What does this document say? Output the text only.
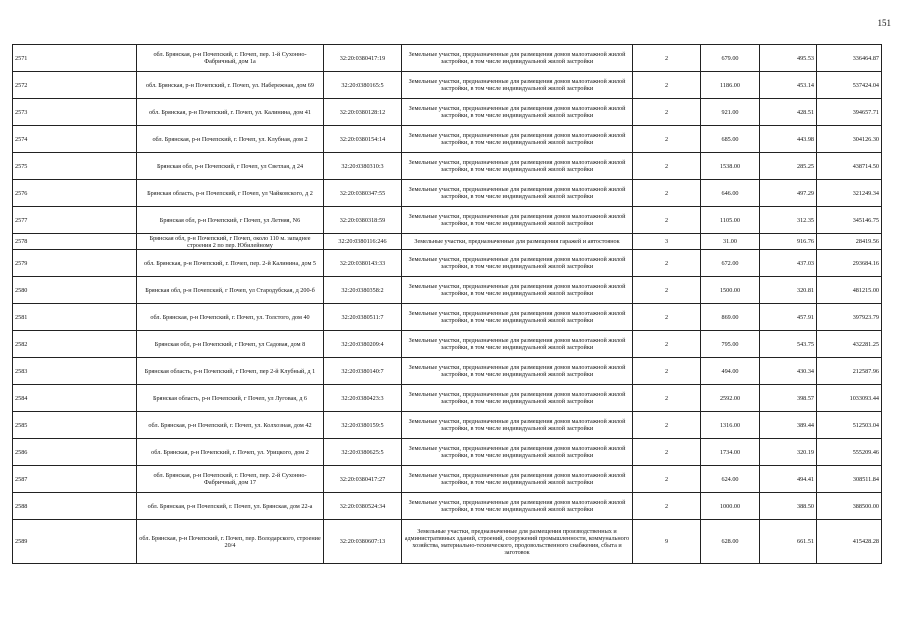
151
2571	обл. Брянская, р-н Почепский, г. Почеп, пер. 1-й Сухонно-Фабричный, дом 1а	32:20:0380417:19	Земельные участки, предназначенные для размещения домов малоэтажной жилой застройки, в том числе индивидуальной жилой застройки	2	679.00	495.53	336464.87
2572	обл. Брянская, р-н Почепский, г. Почеп, ул. Набережная, дом 69	32:20:0380165:5	Земельные участки, предназначенные для размещения домов малоэтажной жилой застройки, в том числе индивидуальной жилой застройки	2	1186.00	453.14	537424.04
2573	обл. Брянская, р-н Почепский, г. Почеп, ул. Калинина, дом 41	32:20:0380128:12	Земельные участки, предназначенные для размещения домов малоэтажной жилой застройки, в том числе индивидуальной жилой застройки	2	921.00	428.51	394657.71
2574	обл. Брянская, р-н Почепский, г. Почеп, ул. Клубная, дом 2	32:20:0380154:14	Земельные участки, предназначенные для размещения домов малоэтажной жилой застройки, в том числе индивидуальной жилой застройки	2	685.00	443.98	304126.30
2575	Брянская обл, р-н Почепский, г Почеп, ул Светлая, д 24	32:20:0380310:3	Земельные участки, предназначенные для размещения домов малоэтажной жилой застройки, в том числе индивидуальной жилой застройки	2	1538.00	285.25	438714.50
2576	Брянская область, р-н Почепский, г Почеп, ул Чайковского, д 2	32:20:0380347:55	Земельные участки, предназначенные для размещения домов малоэтажной жилой застройки, в том числе индивидуальной жилой застройки	2	646.00	497.29	321249.34
2577	Брянская обл, р-н Почепский, г Почеп, ул Летняя, N6	32:20:0380318:59	Земельные участки, предназначенные для размещения домов малоэтажной жилой застройки, в том числе индивидуальной жилой застройки	2	1105.00	312.35	345146.75
2578	Брянская обл, р-н Почепский, г Почеп, около 110 м. западнее строения 2 по пер. Юбилейному	32:20:0380116:246	Земельные участки, предназначенные для размещения гаражей и автостоянок	3	31.00	916.76	28419.56
2579	обл. Брянская, р-н Почепский, г. Почеп, пер. 2-й Калинина, дом 5	32:20:0380143:33	Земельные участки, предназначенные для размещения домов малоэтажной жилой застройки, в том числе индивидуальной жилой застройки	2	672.00	437.03	293684.16
2580	Брянская обл, р-н Почепский, г Почеп, ул Стародубская, д 200-б	32:20:0380358:2	Земельные участки, предназначенные для размещения домов малоэтажной жилой застройки, в том числе индивидуальной жилой застройки	2	1500.00	320.81	481215.00
2581	обл. Брянская, р-н Почепский, г. Почеп, ул. Толстого, дом 40	32:20:0380511:7	Земельные участки, предназначенные для размещения домов малоэтажной жилой застройки, в том числе индивидуальной жилой застройки	2	869.00	457.91	397923.79
2582	Брянская обл, р-н Почепский, г Почеп, ул Садовая, дом 8	32:20:0380209:4	Земельные участки, предназначенные для размещения домов малоэтажной жилой застройки, в том числе индивидуальной жилой застройки	2	795.00	543.75	432281.25
2583	Брянская область, р-н Почепский, г Почеп, пер 2-й Клубный, д 1	32:20:0380140:7	Земельные участки, предназначенные для размещения домов малоэтажной жилой застройки, в том числе индивидуальной жилой застройки	2	494.00	430.34	212587.96
2584	Брянская область, р-н Почепский, г Почеп, ул Луговая, д 6	32:20:0380423:3	Земельные участки, предназначенные для размещения домов малоэтажной жилой застройки, в том числе индивидуальной жилой застройки	2	2592.00	398.57	1033093.44
2585	обл. Брянская, р-н Почепский, г. Почеп, ул. Колхозная, дом 42	32:20:0380159:5	Земельные участки, предназначенные для размещения домов малоэтажной жилой застройки, в том числе индивидуальной жилой застройки	2	1316.00	389.44	512503.04
2586	обл. Брянская, р-н Почепский, г. Почеп, ул. Урицкого, дом 2	32:20:0380625:5	Земельные участки, предназначенные для размещения домов малоэтажной жилой застройки, в том числе индивидуальной жилой застройки	2	1734.00	320.19	555209.46
2587	обл. Брянская, р-н Почепский, г. Почеп, пер. 2-й Сухонно-Фабричный, дом 17	32:20:0380417:27	Земельные участки, предназначенные для размещения домов малоэтажной жилой застройки, в том числе индивидуальной жилой застройки	2	624.00	494.41	308511.84
2588	обл. Брянская, р-н Почепский, г. Почеп, ул. Брянская, дом 22-а	32:20:0380524:34	Земельные участки, предназначенные для размещения домов малоэтажной жилой застройки, в том числе индивидуальной жилой застройки	2	1000.00	388.50	388500.00
2589	обл. Брянская, р-н Почепский, г. Почеп, пер. Володарского, строение 20/4	32:20:0380607:13	Земельные участки, предназначенные для размещения производственных и административных зданий, строений, сооружений промышленности, коммунального хозяйства, материально-технического, продовольственного снабжения, сбыта и заготовок	9	628.00	661.51	415428.28
